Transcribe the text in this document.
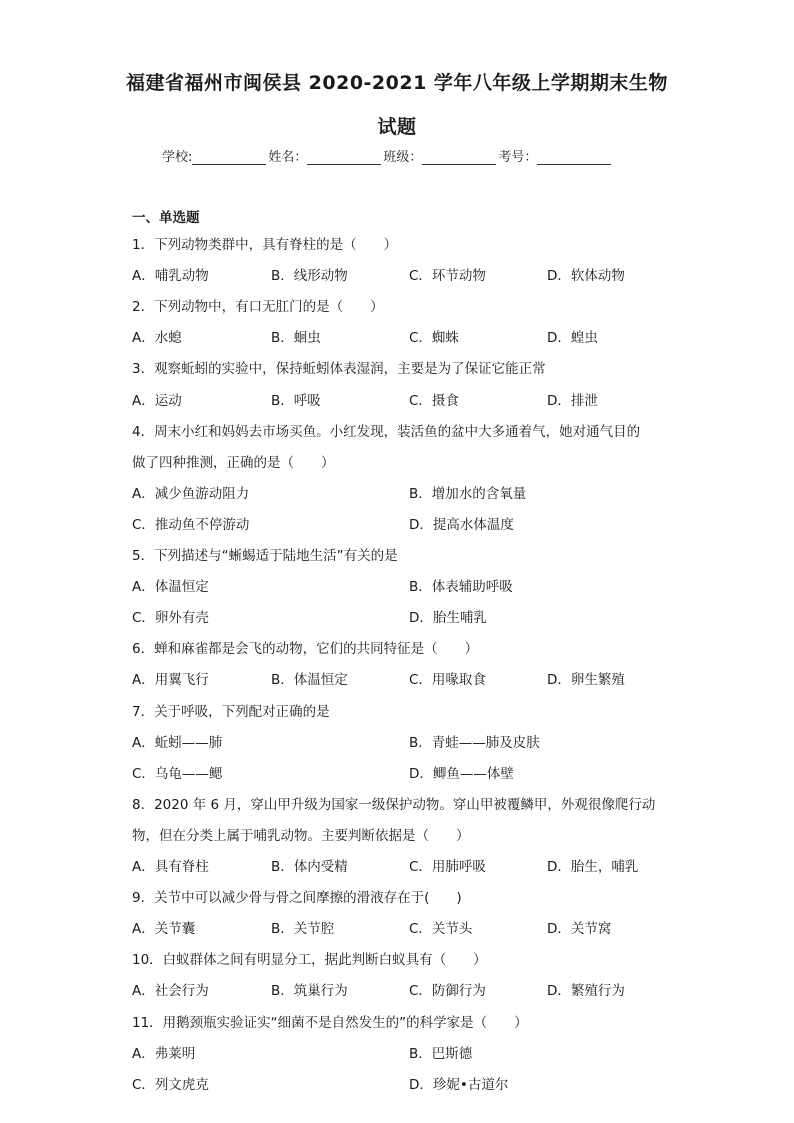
福建省福州市闽侯县 2020-2021 学年八年级上学期期末生物
试题
学校:	姓名：	班级：	考号：
一、单选题
1．下列动物类群中，具有脊柱的是（　　）
A．哺乳动物	B．线形动物	C．环节动物	D．软体动物
2．下列动物中，有口无肛门的是（　　）
A．水螅	B．蛔虫	C．蜘蛛	D．蝗虫
3．观察蚯蚓的实验中，保持蚯蚓体表湿润，主要是为了保证它能正常
A．运动	B．呼吸	C．摄食	D．排泄
4．周末小红和妈妈去市场买鱼。小红发现，装活鱼的盆中大多通着气，她对通气目的
做了四种推测，正确的是（　　）
A．减少鱼游动阻力	B．增加水的含氧量
C．推动鱼不停游动	D．提高水体温度
5．下列描述与“蜥蜴适于陆地生活”有关的是
A．体温恒定	B．体表辅助呼吸
C．卵外有壳	D．胎生哺乳
6．蝉和麻雀都是会飞的动物，它们的共同特征是（　　）
A．用翼飞行	B．体温恒定	C．用喙取食	D．卵生繁殖
7．关于呼吸，下列配对正确的是
A．蚯蚓——肺	B．青蛙——肺及皮肤
C．乌龟——鳃	D．鲫鱼——体壁
8．2020 年 6 月，穿山甲升级为国家一级保护动物。穿山甲被覆鳞甲，外观很像爬行动
物，但在分类上属于哺乳动物。主要判断依据是（　　）
A．具有脊柱	B．体内受精	C．用肺呼吸	D．胎生，哺乳
9．关节中可以减少骨与骨之间摩擦的滑液存在于(　　)
A．关节囊	B．关节腔	C．关节头	D．关节窝
10．白蚁群体之间有明显分工，据此判断白蚁具有（　　）
A．社会行为	B．筑巢行为	C．防御行为	D．繁殖行为
11．用鹅颈瓶实验证实“细菌不是自然发生的”的科学家是（　　）
A．弗莱明	B．巴斯德
C．列文虎克	D．珍妮•古道尔
